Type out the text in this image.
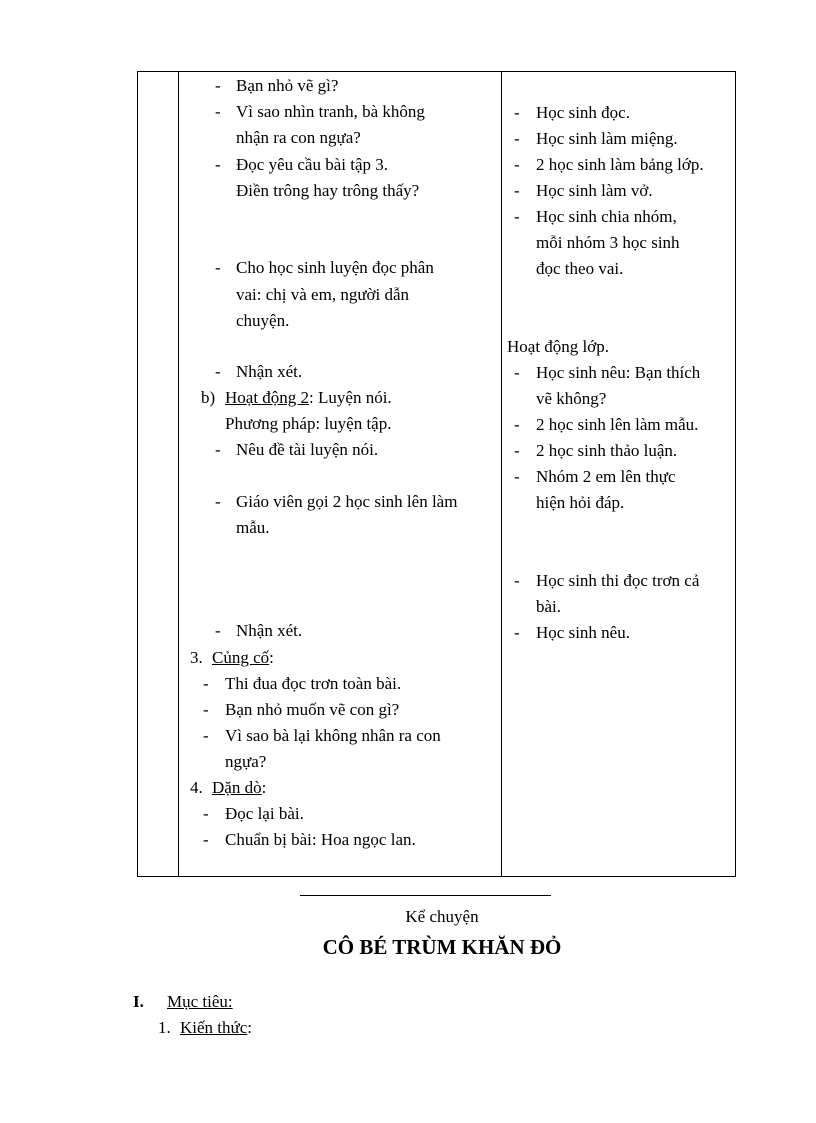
- Bạn nhỏ vẽ gì?
- Vì sao nhìn tranh, bà không
nhận ra con ngựa?
- Đọc yêu cầu bài tập 3.
Điền trông hay trông thấy?
- Cho học sinh luyện đọc phân
vai: chị và em, người dẫn
chuyện.
- Nhận xét.
b) Hoạt động 2: Luyện nói.
Phương pháp: luyện tập.
- Nêu đề tài luyện nói.
- Giáo viên gọi 2 học sinh lên làm
mẫu.
- Nhận xét.
3. Củng cố:
- Thi đua đọc trơn toàn bài.
- Bạn nhỏ muốn vẽ con gì?
- Vì sao bà lại không nhân ra con
ngựa?
4. Dặn dò:
- Đọc lại bài.
- Chuẩn bị bài: Hoa ngọc lan.
- Học sinh đọc.
- Học sinh làm miệng.
- 2 học sinh làm bảng lớp.
- Học sinh làm vở.
- Học sinh chia nhóm,
mỗi nhóm 3 học sinh
đọc theo vai.
Hoạt động lớp.
- Học sinh nêu: Bạn thích
vẽ không?
- 2 học sinh lên làm mẫu.
- 2 học sinh thảo luận.
- Nhóm 2 em lên thực
hiện hỏi đáp.
- Học sinh thi đọc trơn cả
bài.
- Học sinh nêu.
Kể chuyện
CÔ BÉ TRÙM KHĂN ĐỎ
I. Mục tiêu:
1. Kiến thức:
